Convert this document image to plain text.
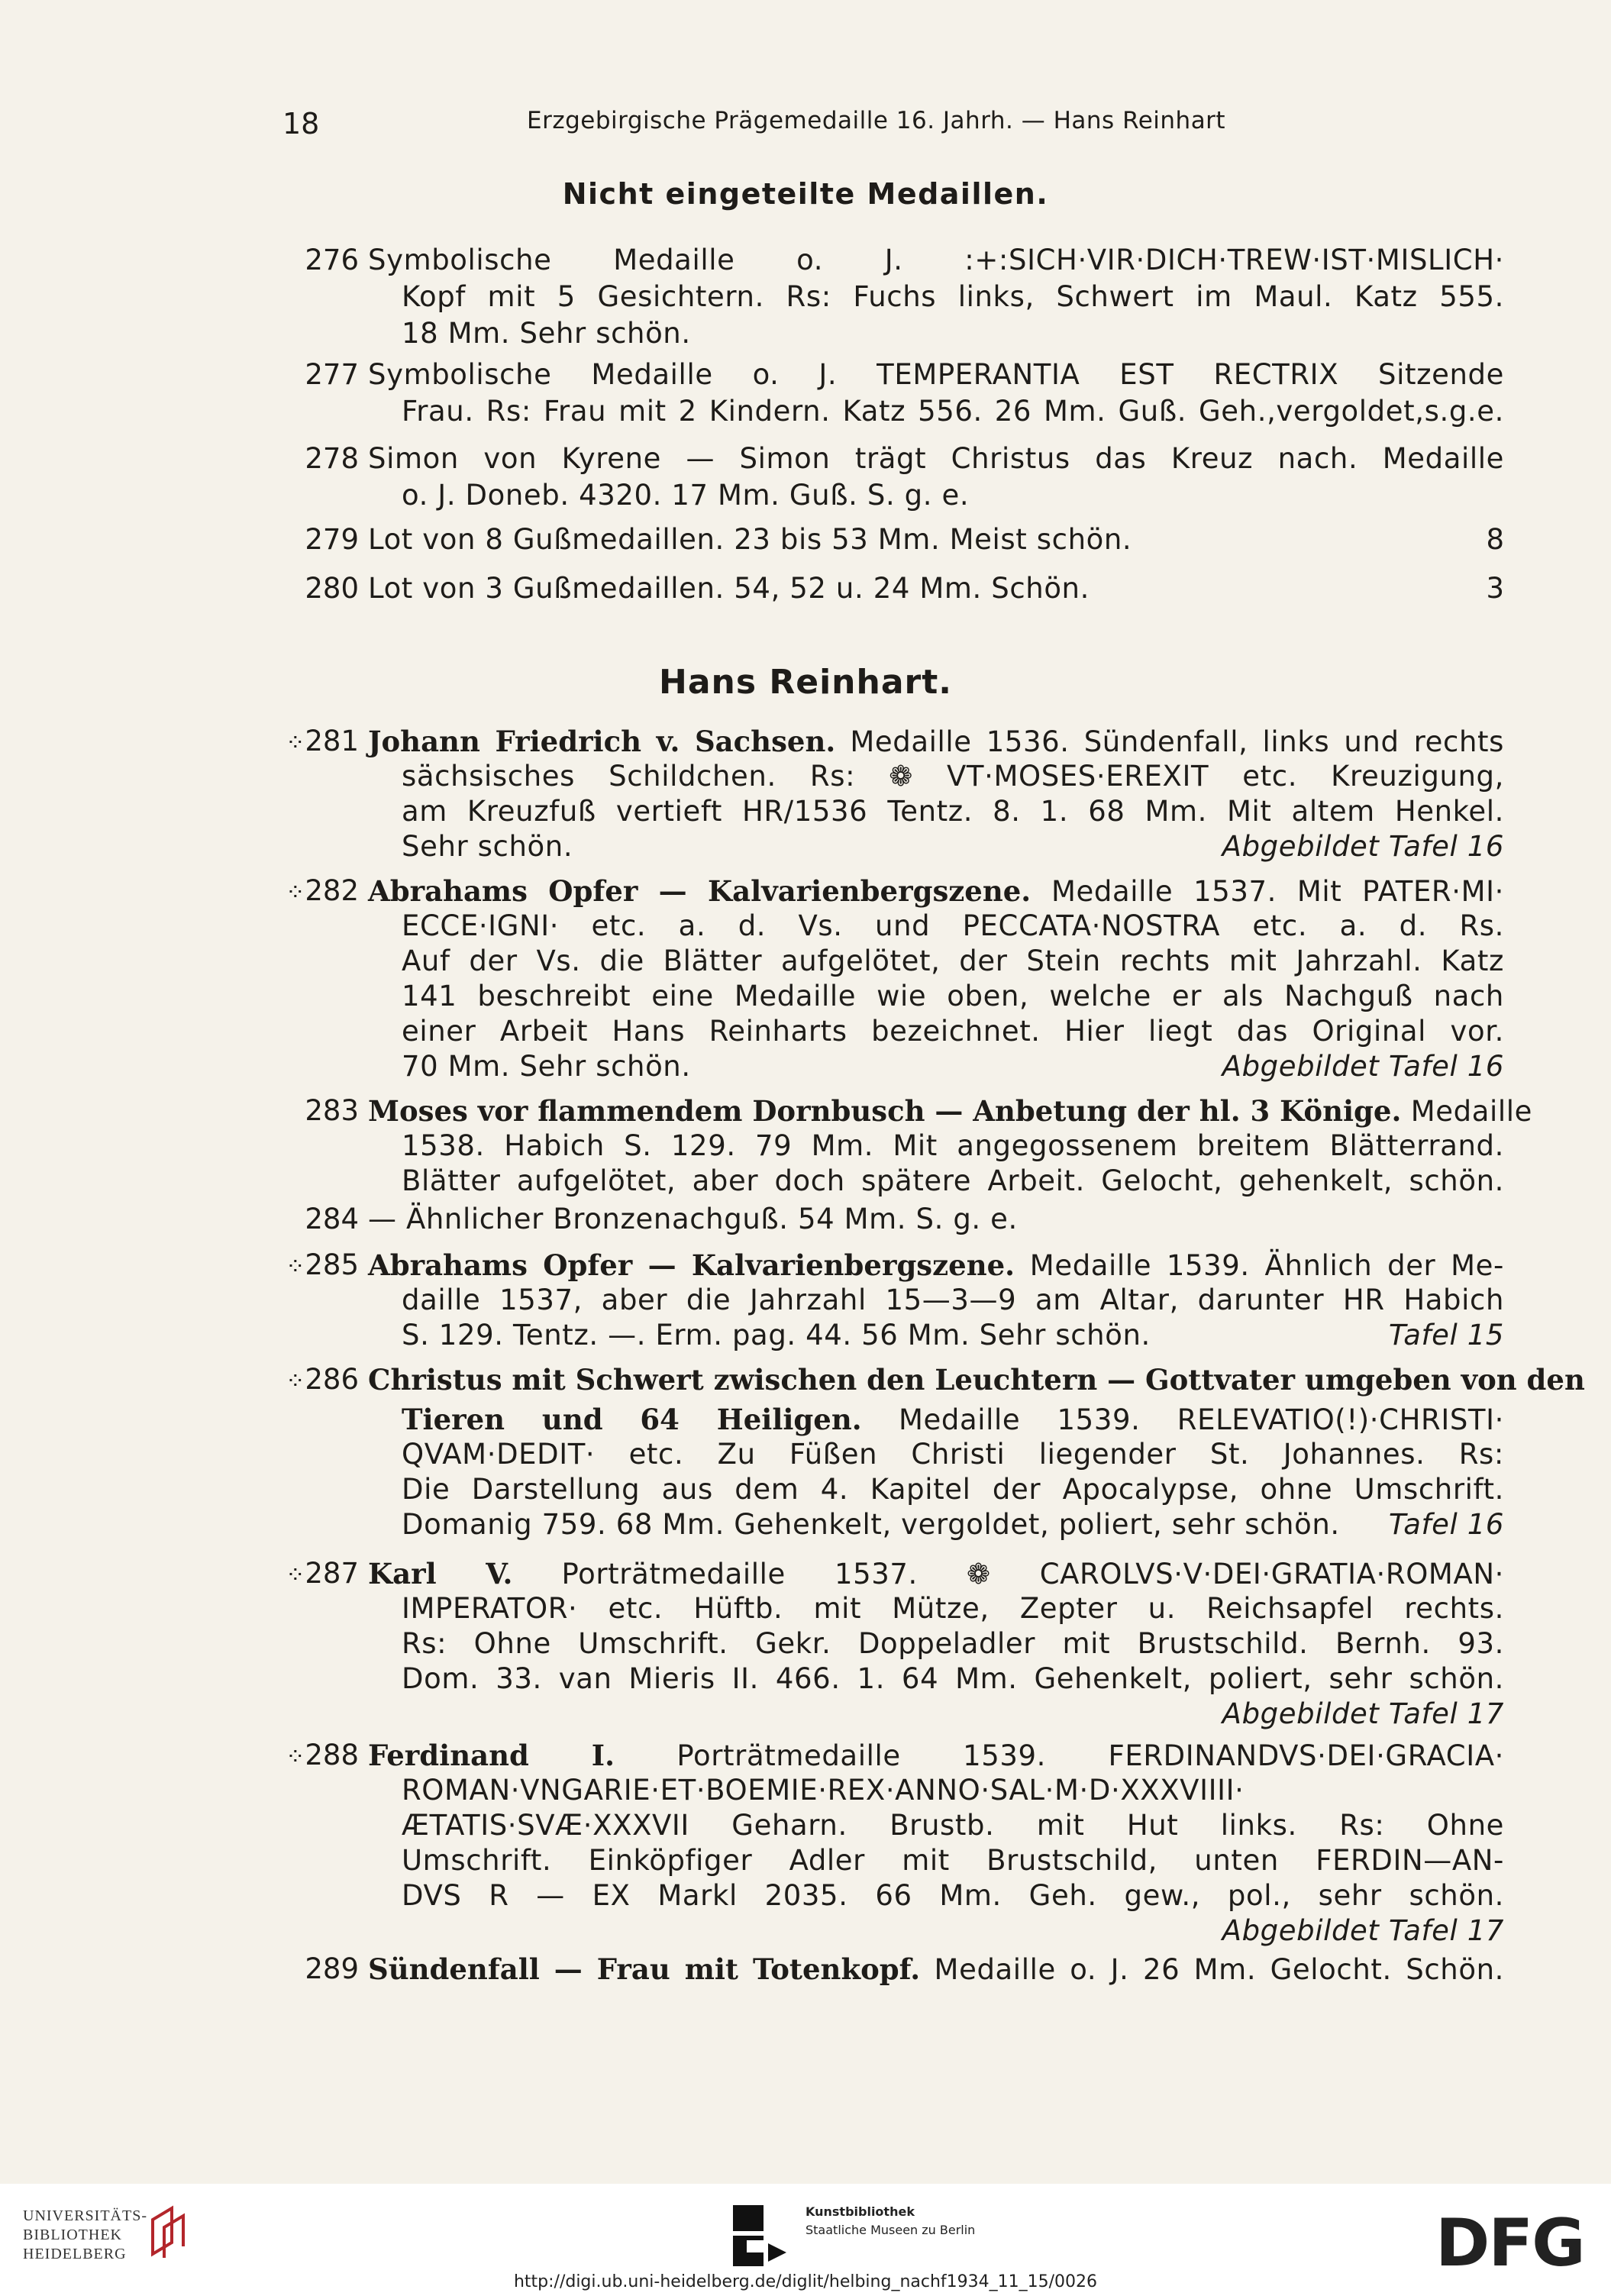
18	Erzgebirgische Prägemedaille 16. Jahrh. — Hans Reinhart
Nicht eingeteilte Medaillen.
276 Symbolische Medaille o. J. :+:SICH·VIR·DICH·TREW·IST·MISLICH·
Kopf mit 5 Gesichtern. Rs: Fuchs links, Schwert im Maul. Katz 555.
18 Mm. Sehr schön.
277 Symbolische Medaille o. J. TEMPERANTIA EST RECTRIX Sitzende
Frau. Rs: Frau mit 2 Kindern. Katz 556. 26 Mm. Guß. Geh.,vergoldet,s.g.e.
278 Simon von Kyrene — Simon trägt Christus das Kreuz nach. Medaille
o. J. Doneb. 4320. 17 Mm. Guß. S. g. e.
279 Lot von 8 Gußmedaillen. 23 bis 53 Mm. Meist schön.	8
280 Lot von 3 Gußmedaillen. 54, 52 u. 24 Mm. Schön.	3
Hans Reinhart.
⁘281 Johann Friedrich v. Sachsen. Medaille 1536. Sündenfall, links und rechts
sächsisches Schildchen. Rs: ❁ VT·MOSES·EREXIT etc. Kreuzigung,
am Kreuzfuß vertieft HR/1536 Tentz. 8. 1. 68 Mm. Mit altem Henkel.
Sehr schön.	Abgebildet Tafel 16
⁘282 Abrahams Opfer — Kalvarienbergszene. Medaille 1537. Mit PATER·MI·
ECCE·IGNI· etc. a. d. Vs. und PECCATA·NOSTRA etc. a. d. Rs.
Auf der Vs. die Blätter aufgelötet, der Stein rechts mit Jahrzahl. Katz
141 beschreibt eine Medaille wie oben, welche er als Nachguß nach
einer Arbeit Hans Reinharts bezeichnet. Hier liegt das Original vor.
70 Mm. Sehr schön.	Abgebildet Tafel 16
283 Moses vor flammendem Dornbusch — Anbetung der hl. 3 Könige. Medaille
1538. Habich S. 129. 79 Mm. Mit angegossenem breitem Blätterrand.
Blätter aufgelötet, aber doch spätere Arbeit. Gelocht, gehenkelt, schön.
284 — Ähnlicher Bronzenachguß. 54 Mm. S. g. e.
⁘285 Abrahams Opfer — Kalvarienbergszene. Medaille 1539. Ähnlich der Me-
daille 1537, aber die Jahrzahl 15—3—9 am Altar, darunter HR Habich
S. 129. Tentz. —. Erm. pag. 44. 56 Mm. Sehr schön.	Tafel 15
⁘286 Christus mit Schwert zwischen den Leuchtern — Gottvater umgeben von den
Tieren und 64 Heiligen. Medaille 1539. RELEVATIO(!)·CHRISTI·
QVAM·DEDIT· etc. Zu Füßen Christi liegender St. Johannes. Rs:
Die Darstellung aus dem 4. Kapitel der Apocalypse, ohne Umschrift.
Domanig 759. 68 Mm. Gehenkelt, vergoldet, poliert, sehr schön.	Tafel 16
⁘287 Karl V. Porträtmedaille 1537. ❁ CAROLVS·V·DEI·GRATIA·ROMAN·
IMPERATOR· etc. Hüftb. mit Mütze, Zepter u. Reichsapfel rechts.
Rs: Ohne Umschrift. Gekr. Doppeladler mit Brustschild. Bernh. 93.
Dom. 33. van Mieris II. 466. 1. 64 Mm. Gehenkelt, poliert, sehr schön.
Abgebildet Tafel 17
⁘288 Ferdinand I. Porträtmedaille 1539. FERDINANDVS·DEI·GRACIA·
ROMAN·VNGARIE·ET·BOEMIE·REX·ANNO·SAL·M·D·XXXVIIII·
ÆTATIS·SVÆ·XXXVII Geharn. Brustb. mit Hut links. Rs: Ohne
Umschrift. Einköpfiger Adler mit Brustschild, unten FERDIN—AN-
DVS R — EX Markl 2035. 66 Mm. Geh. gew., pol., sehr schön.
Abgebildet Tafel 17
289 Sündenfall — Frau mit Totenkopf. Medaille o. J. 26 Mm. Gelocht. Schön.
UNIVERSITÄTS-
BIBLIOTHEK
HEIDELBERG
Kunstbibliothek
Staatliche Museen zu Berlin	DFG
http://digi.ub.uni-heidelberg.de/diglit/helbing_nachf1934_11_15/0026
